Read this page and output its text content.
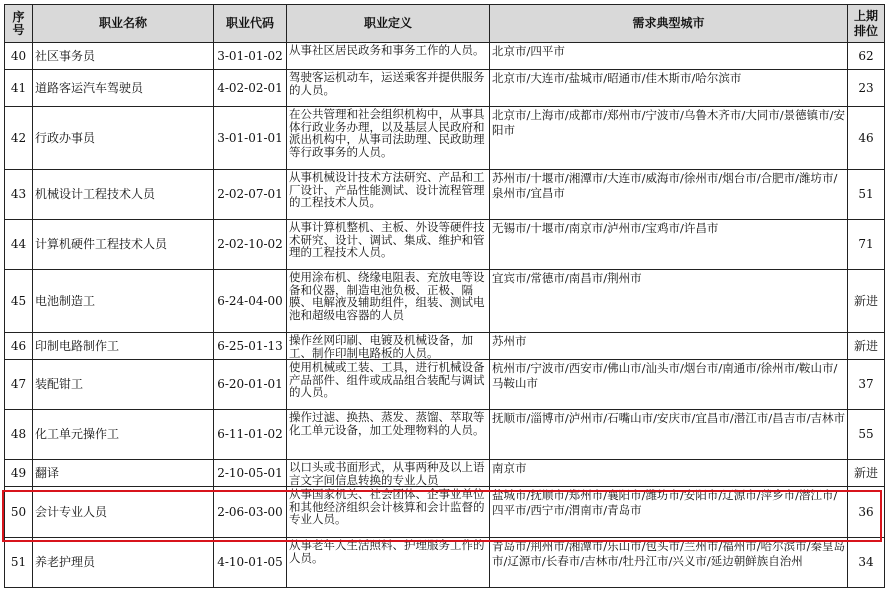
序号	职业名称	职业代码	职业定义	需求典型城市	上期排位
40	社区事务员	3-01-01-02	从事社区居民政务和事务工作的人员。	北京市/四平市	62
41	道路客运汽车驾驶员	4-02-02-01	驾驶客运机动车，运送乘客并提供服务的人员。	北京市/大连市/盐城市/昭通市/佳木斯市/哈尔滨市	23
42	行政办事员	3-01-01-01	在公共管理和社会组织机构中，从事具体行政业务办理，以及基层人民政府和派出机构中，从事司法助理、民政助理等行政事务的人员。	北京市/上海市/成都市/郑州市/宁波市/乌鲁木齐市/大同市/景德镇市/安阳市	46
43	机械设计工程技术人员	2-02-07-01	从事机械设计技术方法研究、产品和工厂设计、产品性能测试、设计流程管理的工程技术人员。	苏州市/十堰市/湘潭市/大连市/威海市/徐州市/烟台市/合肥市/潍坊市/泉州市/宜昌市	51
44	计算机硬件工程技术人员	2-02-10-02	从事计算机整机、主板、外设等硬件技术研究、设计、调试、集成、维护和管理的工程技术人员。	无锡市/十堰市/南京市/泸州市/宝鸡市/许昌市	71
45	电池制造工	6-24-04-00	使用涂布机、绕缘电阻表、充放电等设备和仪器，制造电池负极、正极、隔膜、电解液及辅助组件，组装、测试电池和超级电容器的人员	宜宾市/常德市/南昌市/荆州市	新进
46	印制电路制作工	6-25-01-13	操作丝网印刷、电镀及机械设备，加工、制作印制电路板的人员。	苏州市	新进
47	装配钳工	6-20-01-01	使用机械或工装、工具，进行机械设备产品部件、组件或成品组合装配与调试的人员。	杭州市/宁波市/西安市/佛山市/汕头市/烟台市/南通市/徐州市/鞍山市/马鞍山市	37
48	化工单元操作工	6-11-01-02	操作过滤、换热、蒸发、蒸馏、萃取等化工单元设备，加工处理物料的人员。	抚顺市/淄博市/泸州市/石嘴山市/安庆市/宜昌市/潜江市/昌吉市/吉林市	55
49	翻译	2-10-05-01	以口头或书面形式，从事两种及以上语言文字间信息转换的专业人员	南京市	新进
50	会计专业人员	2-06-03-00	从事国家机关、社会团体、企事业单位和其他经济组织会计核算和会计监督的专业人员。	盐城市/抚顺市/郑州市/襄阳市/潍坊市/安阳市/辽源市/萍乡市/潜江市/四平市/西宁市/渭南市/青岛市	36
51	养老护理员	4-10-01-05	从事老年人生活照料、护理服务工作的人员。	青岛市/荆州市/湘潭市/乐山市/包头市/兰州市/福州市/哈尔滨市/秦皇岛市/辽源市/长春市/吉林市/牡丹江市/兴义市/延边朝鲜族自治州	34
